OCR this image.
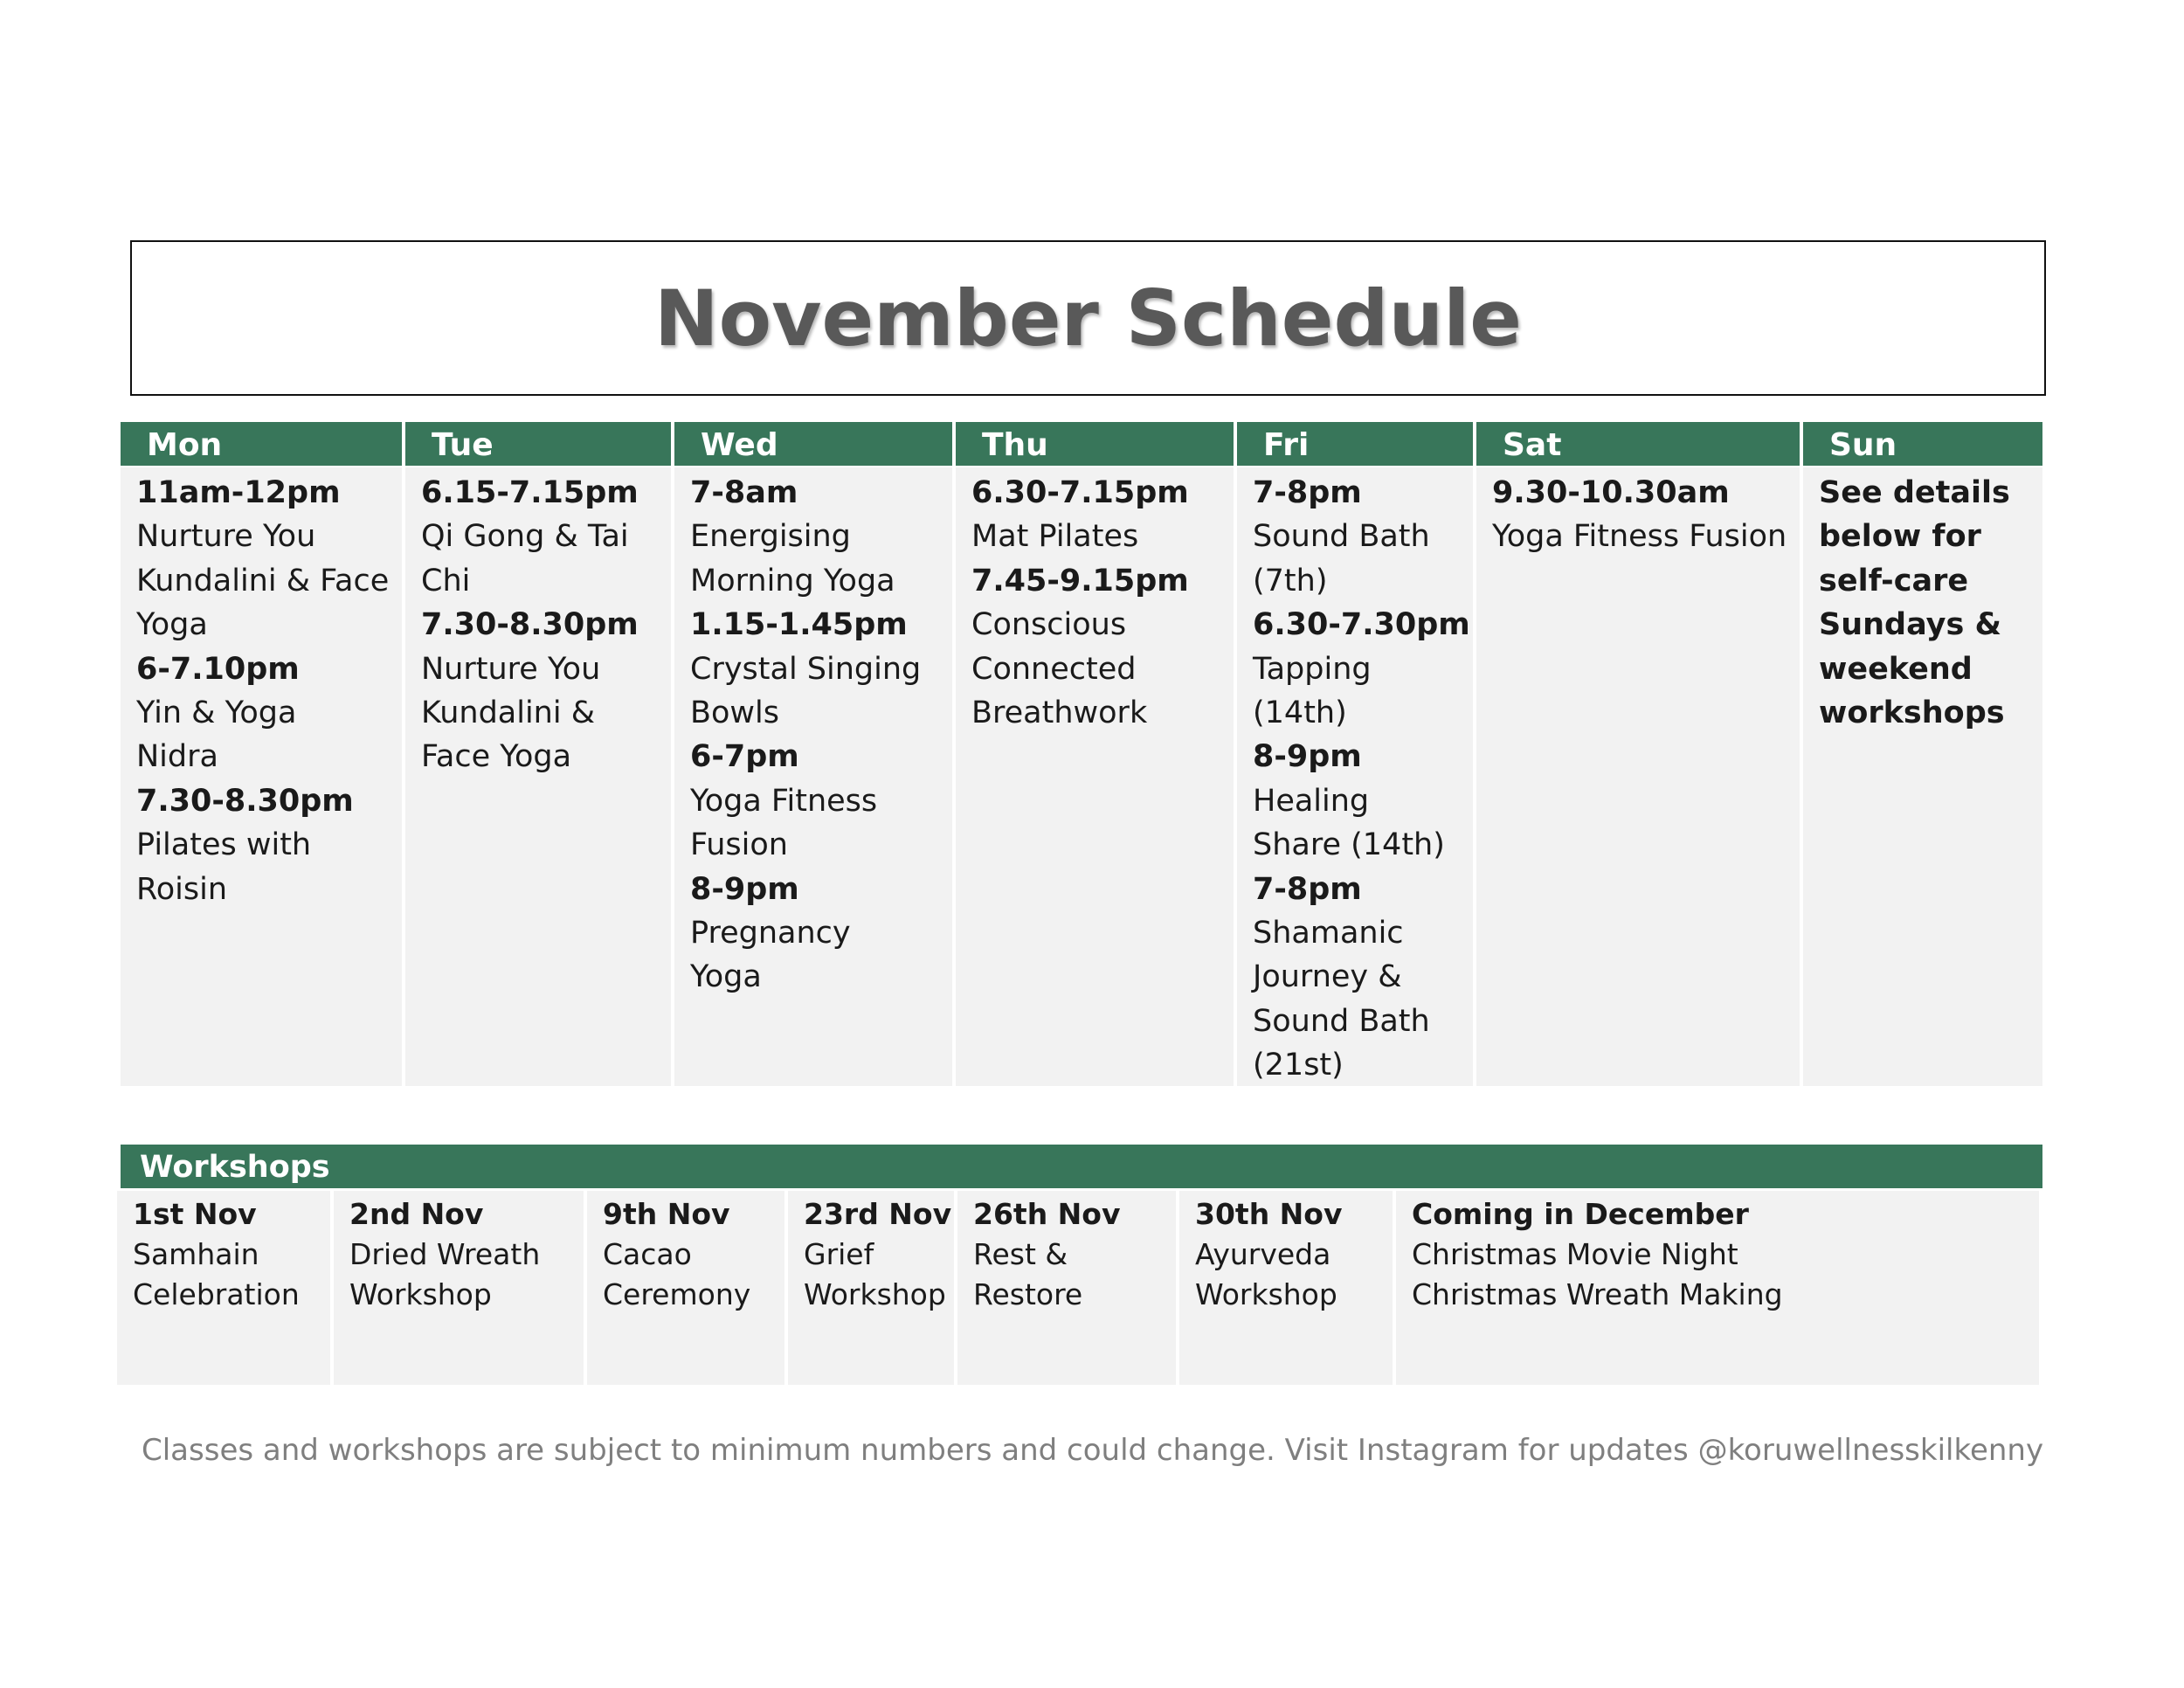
November Schedule
Mon
11am-12pm
Nurture You
Kundalini & Face
Yoga
6-7.10pm
Yin & Yoga
Nidra
7.30-8.30pm
Pilates with
Roisin
Tue
6.15-7.15pm
Qi Gong & Tai
Chi
7.30-8.30pm
Nurture You
Kundalini &
Face Yoga
Wed
7-8am
Energising
Morning Yoga
1.15-1.45pm
Crystal Singing
Bowls
6-7pm
Yoga Fitness
Fusion
8-9pm
Pregnancy
Yoga
Thu
6.30-7.15pm
Mat Pilates
7.45-9.15pm
Conscious
Connected
Breathwork
Fri
7-8pm
Sound Bath
(7th)
6.30-7.30pm
Tapping
(14th)
8-9pm
Healing
Share (14th)
7-8pm
Shamanic
Journey &
Sound Bath
(21st)
Sat
9.30-10.30am
Yoga Fitness Fusion
Sun
See details
below for
self-care
Sundays &
weekend
workshops
Workshops
1st Nov
Samhain
Celebration
2nd Nov
Dried Wreath
Workshop
9th Nov
Cacao
Ceremony
23rd Nov
Grief
Workshop
26th Nov
Rest &
Restore
30th Nov
Ayurveda
Workshop
Coming in December
Christmas Movie Night
Christmas Wreath Making
Classes and workshops are subject to minimum numbers and could change. Visit Instagram for updates @koruwellnesskilkenny
